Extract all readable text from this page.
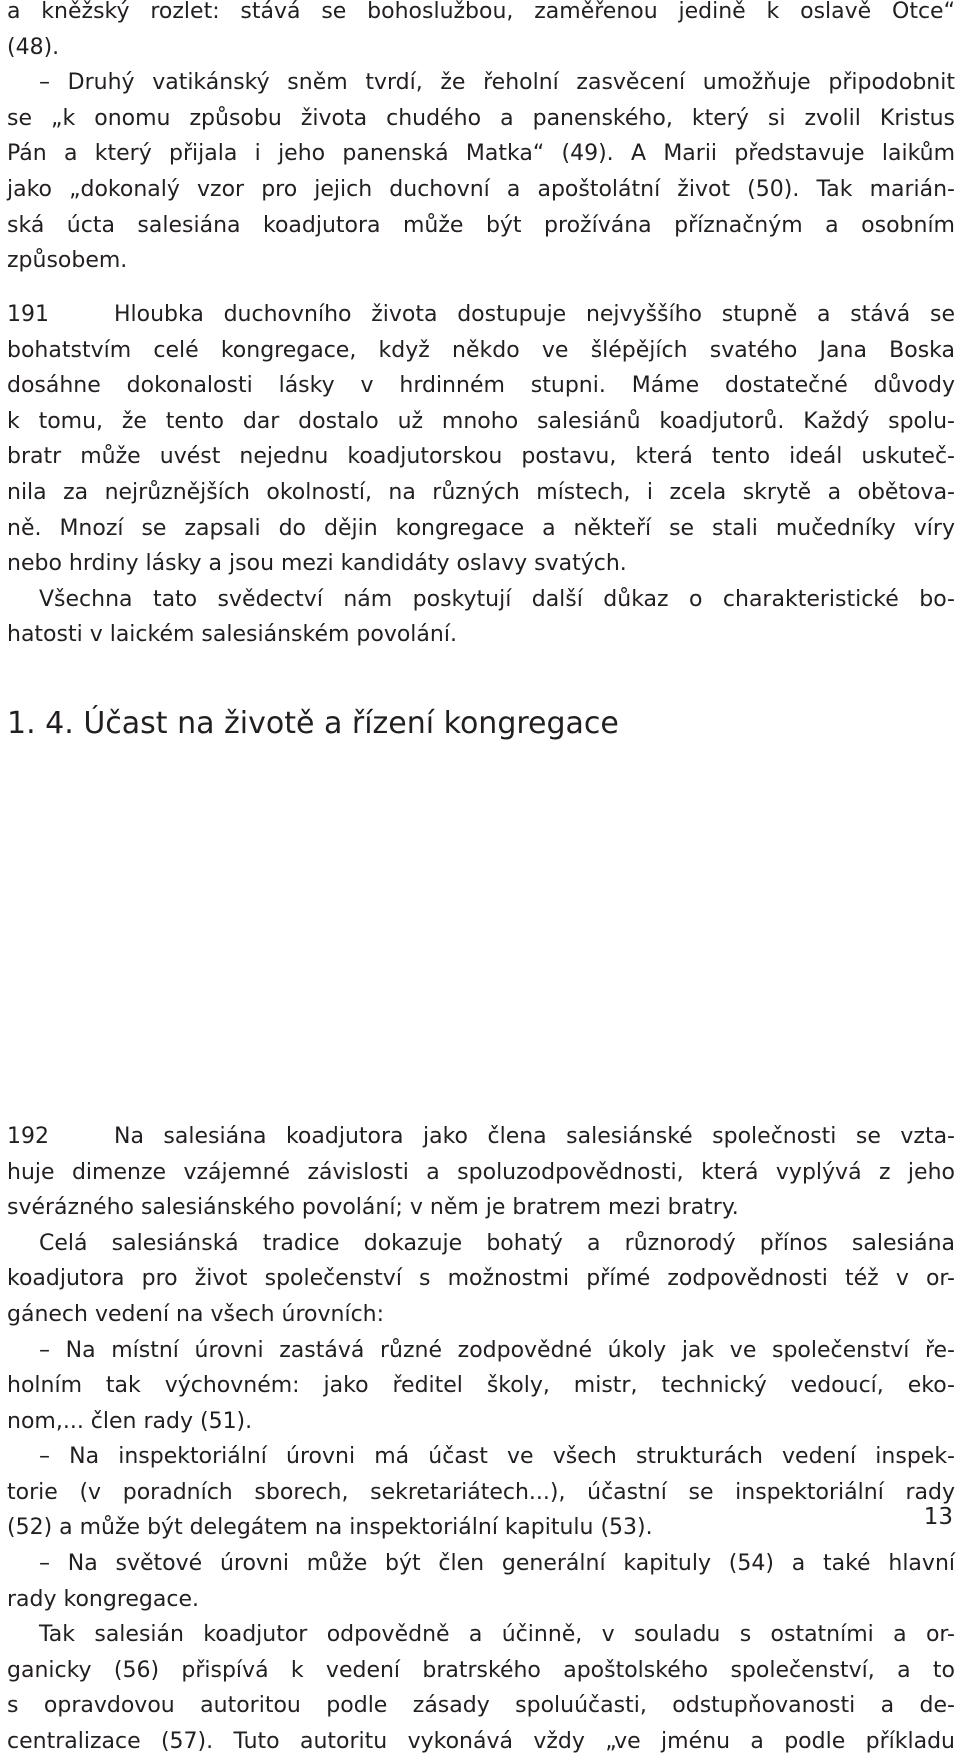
a kněžský rozlet: stává se bohoslužbou, zaměřenou jedině k oslavě Otce“
(48).
– Druhý vatikánský sněm tvrdí, že řeholní zasvěcení umožňuje připodobnit
se „k onomu způsobu života chudého a panenského, který si zvolil Kristus
Pán a který přijala i jeho panenská Matka“ (49). A Marii představuje laikům
jako „dokonalý vzor pro jejich duchovní a apoštolátní život (50). Tak marián-
ská úcta salesiána koadjutora může být prožívána příznačným a osobním
způsobem.
191	Hloubka duchovního života dostupuje nejvyššího stupně a stává se
bohatstvím celé kongregace, když někdo ve šlépějích svatého Jana Boska
dosáhne dokonalosti lásky v hrdinném stupni. Máme dostatečné důvody
k tomu, že tento dar dostalo už mnoho salesiánů koadjutorů. Každý spolu-
bratr může uvést nejednu koadjutorskou postavu, která tento ideál uskuteč-
nila za nejrůznějších okolností, na různých místech, i zcela skrytě a obětova-
ně. Mnozí se zapsali do dějin kongregace a někteří se stali mučedníky víry
nebo hrdiny lásky a jsou mezi kandidáty oslavy svatých.
Všechna tato svědectví nám poskytují další důkaz o charakteristické bo-
hatosti v laickém salesiánském povolání.
1. 4. Účast na životě a řízení kongregace
192	Na salesiána koadjutora jako člena salesiánské společnosti se vzta-
huje dimenze vzájemné závislosti a spoluzodpovědnosti, která vyplývá z jeho
svérázného salesiánského povolání; v něm je bratrem mezi bratry.
Celá salesiánská tradice dokazuje bohatý a různorodý přínos salesiána
koadjutora pro život společenství s možnostmi přímé zodpovědnosti též v or-
gánech vedení na všech úrovních:
– Na místní úrovni zastává různé zodpovědné úkoly jak ve společenství ře-
holním tak výchovném: jako ředitel školy, mistr, technický vedoucí, eko-
nom,... člen rady (51).
– Na inspektoriální úrovni má účast ve všech strukturách vedení inspek-
torie (v poradních sborech, sekretariátech...), účastní se inspektoriální rady
(52) a může být delegátem na inspektoriální kapitulu (53).
– Na světové úrovni může být člen generální kapituly (54) a také hlavní
rady kongregace.
Tak salesián koadjutor odpovědně a účinně, v souladu s ostatními a or-
ganicky (56) přispívá k vedení bratrského apoštolského společenství, a to
s opravdovou autoritou podle zásady spoluúčasti, odstupňovanosti a de-
centralizace (57). Tuto autoritu vykonává vždy „ve jménu a podle příkladu
13
